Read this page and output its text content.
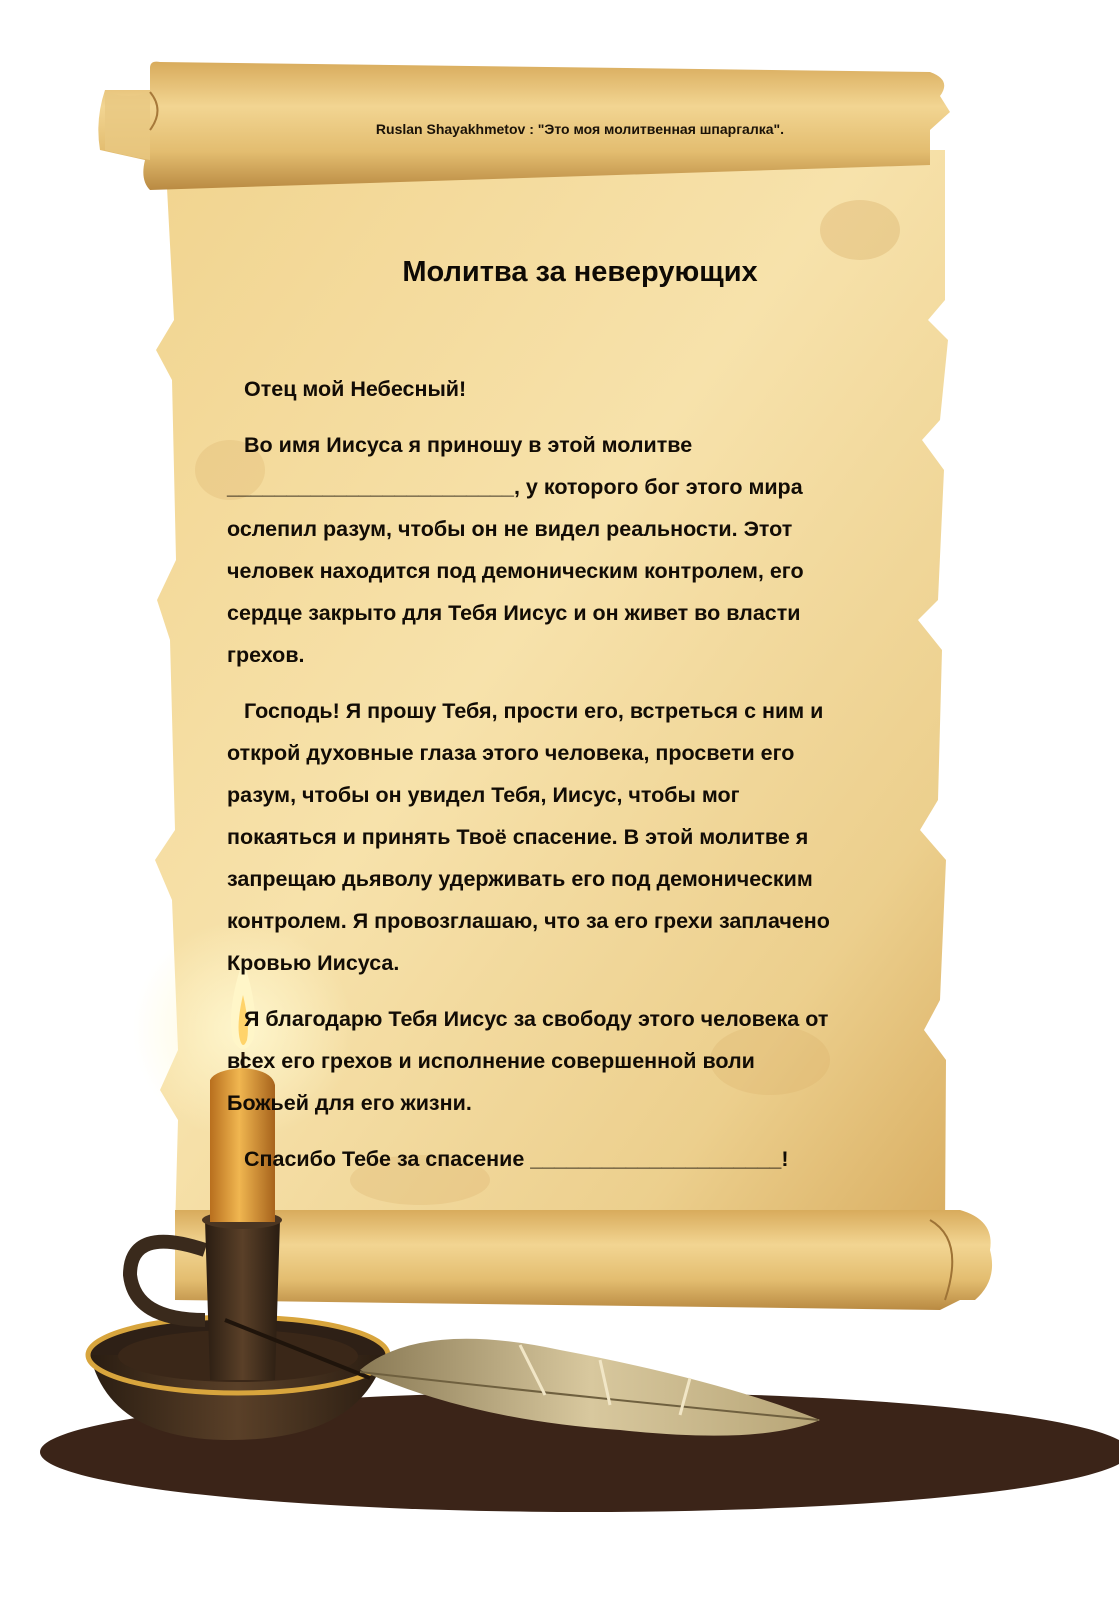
Ruslan Shayakhmetov : "Это моя молитвенная шпаргалка".
Молитва за неверующих

Отец мой Небесный!

Во имя Иисуса я приношу в этой молитве
________________________, у которого бог этого мира
ослепил разум, чтобы он не видел реальности. Этот
человек находится под демоническим контролем, его
сердце закрыто для Тебя Иисус и он живет во власти
грехов.

Господь! Я прошу Тебя, прости его, встреться с ним и
открой духовные глаза этого человека, просвети его
разум, чтобы он увидел Тебя, Иисус, чтобы мог
покаяться и принять Твоё спасение. В этой молитве я
запрещаю дьяволу удерживать его под демоническим
контролем. Я провозглашаю, что за его грехи заплачено
Кровью Иисуса.

Я благодарю Тебя Иисус за свободу этого человека от
всех его грехов и исполнение совершенной воли
Божьей для его жизни.

Спасибо Тебе за спасение _____________________!
